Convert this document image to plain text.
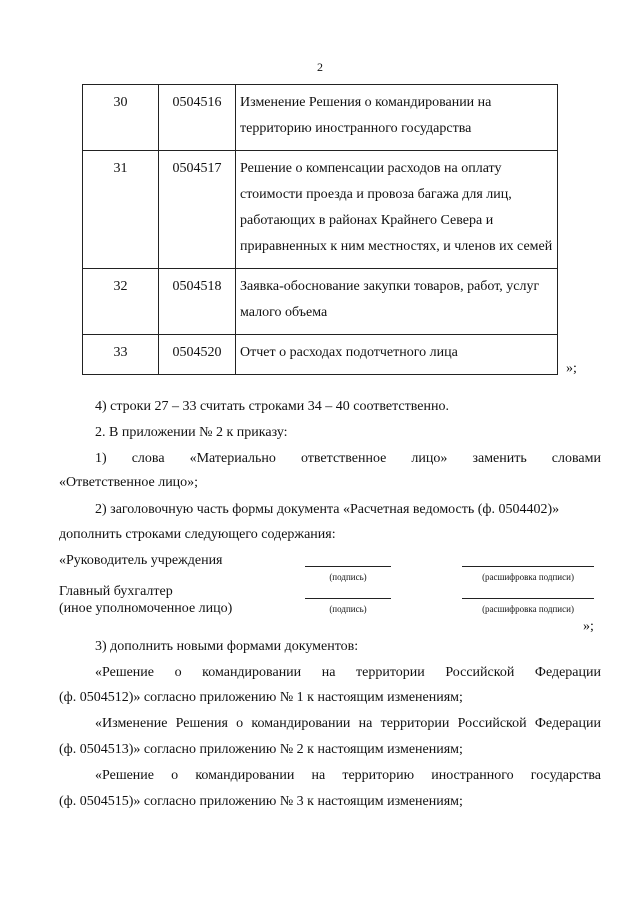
2
30	0504516	Изменение Решения о командировании на территорию иностранного государства
31	0504517	Решение о компенсации расходов на оплату стоимости проезда и провоза багажа для лиц, работающих в районах Крайнего Севера и приравненных к ним местностях, и членов их семей
32	0504518	Заявка-обоснование закупки товаров, работ, услуг малого объема
33	0504520	Отчет о расходах подотчетного лица
»;
4) строки 27 – 33 считать строками 34 – 40 соответственно.
2. В приложении № 2 к приказу:
1) слова «Материально ответственное лицо» заменить словами
«Ответственное лицо»;
2) заголовочную часть формы документа «Расчетная ведомость (ф. 0504402)»
дополнить строками следующего содержания:
«Руководитель учреждения
(подпись)	(расшифровка подписи)
Главный бухгалтер
(иное уполномоченное лицо)	(подпись)	(расшифровка подписи)
»;
3) дополнить новыми формами документов:
«Решение о командировании на территории Российской Федерации
(ф. 0504512)» согласно приложению № 1 к настоящим изменениям;
«Изменение Решения о командировании на территории Российской Федерации
(ф. 0504513)» согласно приложению № 2 к настоящим изменениям;
«Решение о командировании на территорию иностранного государства
(ф. 0504515)» согласно приложению № 3 к настоящим изменениям;
